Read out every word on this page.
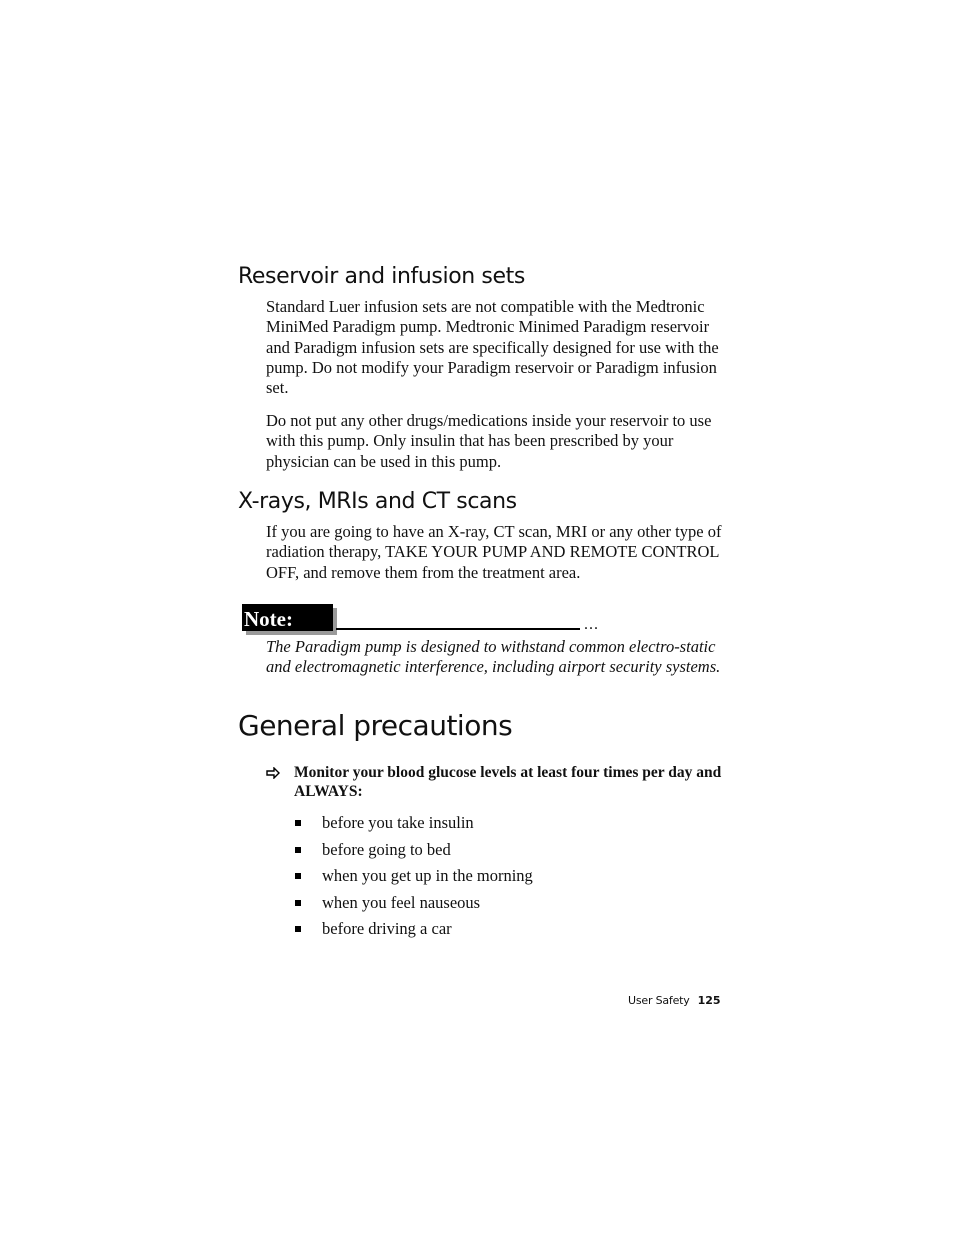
Reservoir and infusion sets

Standard Luer infusion sets are not compatible with the Medtronic MiniMed Paradigm pump. Medtronic Minimed Paradigm reservoir and Paradigm infusion sets are specifically designed for use with the pump. Do not modify your Paradigm reservoir or Paradigm infusion set.

Do not put any other drugs/medications inside your reservoir to use with this pump. Only insulin that has been prescribed by your physician can be used in this pump.

X-rays, MRIs and CT scans

If you are going to have an X-ray, CT scan, MRI or any other type of radiation therapy, TAKE YOUR PUMP AND REMOTE CONTROL OFF, and remove them from the treatment area.

Note:	...

The Paradigm pump is designed to withstand common electro-static and electromagnetic interference, including airport security systems.

General precautions

Monitor your blood glucose levels at least four times per day and ALWAYS:

before you take insulin
before going to bed
when you get up in the morning
when you feel nauseous
before driving a car
User Safety 125
